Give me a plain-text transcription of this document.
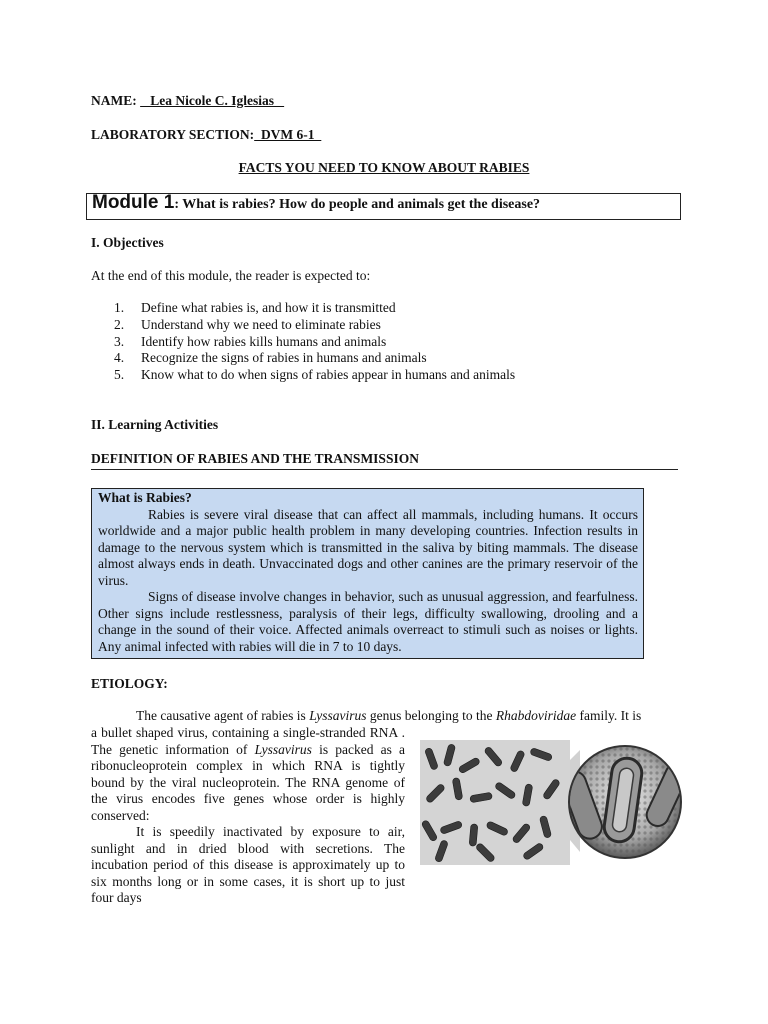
NAME:    Lea Nicole C. Iglesias
LABORATORY SECTION:  DVM 6-1
FACTS YOU NEED TO KNOW ABOUT RABIES
Module 1: What is rabies? How do people and animals get the disease?
I. Objectives
At the end of this module, the reader is expected to:
1.	Define what rabies is, and how it is transmitted
2.	Understand why we need to eliminate rabies
3.	Identify how rabies kills humans and animals
4.	Recognize the signs of rabies in humans and animals
5.	Know what to do when signs of rabies appear in humans and animals
II. Learning Activities
DEFINITION OF RABIES AND THE TRANSMISSION
What is Rabies?

Rabies is severe viral disease that can affect all mammals, including humans. It occurs worldwide and a major public health problem in many developing countries. Infection results in damage to the nervous system which is transmitted in the saliva by biting mammals. The disease almost always ends in death. Unvaccinated dogs and other canines are the primary reservoir of the virus.

Signs of disease involve changes in behavior, such as unusual aggression, and fearfulness. Other signs include restlessness, paralysis of their legs, difficulty swallowing, drooling and a change in the sound of their voice. Affected animals overreact to stimuli such as noises or lights. Any animal infected with rabies will die in 7 to 10 days.

ETIOLOGY:
The causative agent of rabies is Lyssavirus genus belonging to the Rhabdoviridae family. It is

a bullet shaped virus, containing a single-stranded RNA . The genetic information of Lyssavirus is packed as a ribonucleoprotein complex in which RNA is tightly bound by the viral nucleoprotein. The RNA genome of the virus encodes five genes whose order is highly conserved:

It is speedily inactivated by exposure to air, sunlight and in dried blood with secretions. The incubation period of this disease is approximately up to six months long or in some cases, it is short up to just four days
